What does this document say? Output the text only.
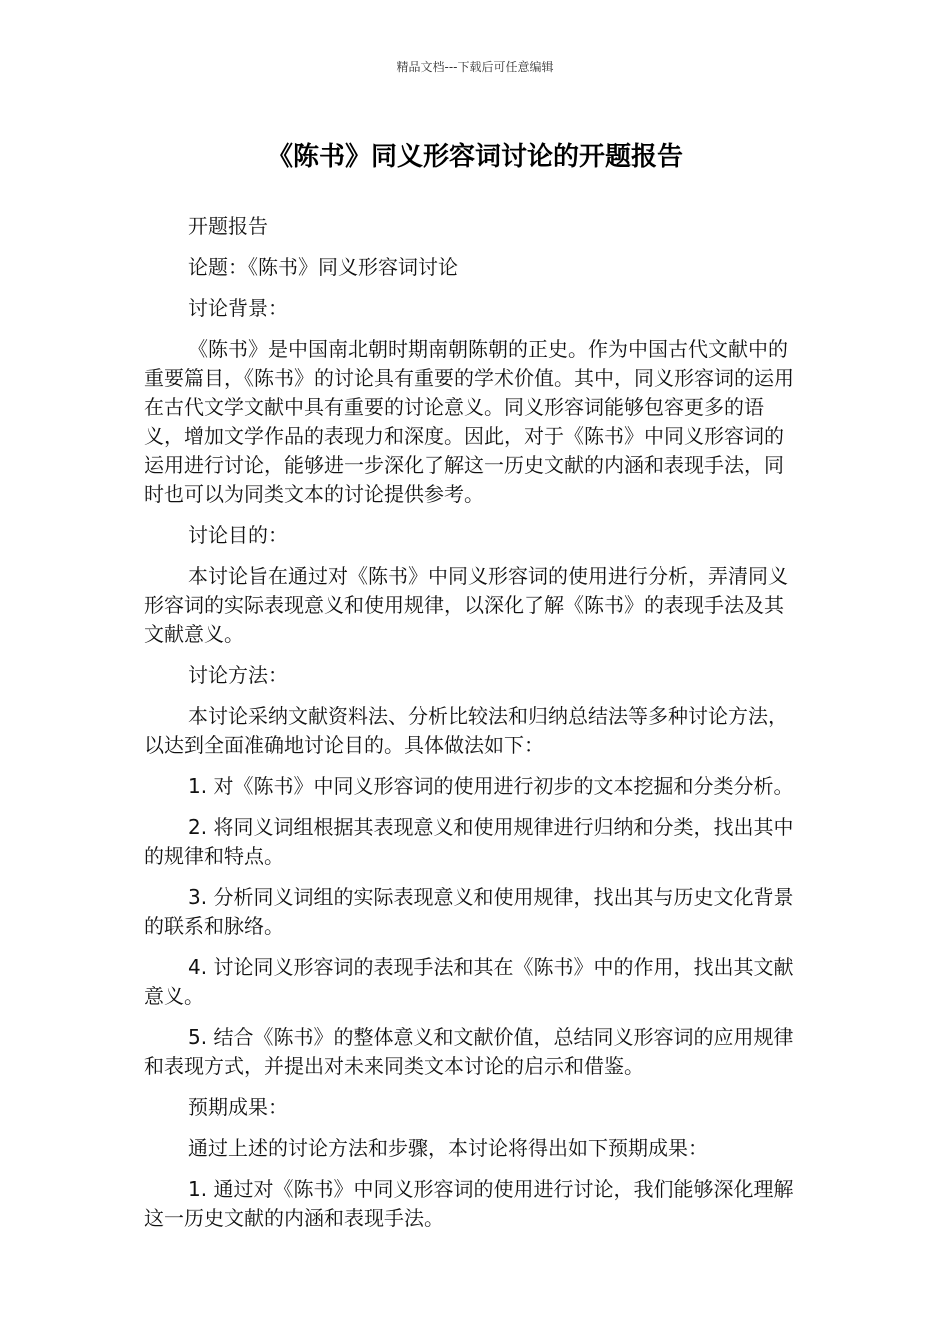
精品文档---下载后可任意编辑
《陈书》同义形容词讨论的开题报告

开题报告

论题：《陈书》同义形容词讨论

讨论背景：

《陈书》是中国南北朝时期南朝陈朝的正史。作为中国古代文献中的重要篇目，《陈书》的讨论具有重要的学术价值。其中，同义形容词的运用在古代文学文献中具有重要的讨论意义。同义形容词能够包容更多的语义，增加文学作品的表现力和深度。因此，对于《陈书》中同义形容词的运用进行讨论，能够进一步深化了解这一历史文献的内涵和表现手法，同时也可以为同类文本的讨论提供参考。

讨论目的：

本讨论旨在通过对《陈书》中同义形容词的使用进行分析，弄清同义形容词的实际表现意义和使用规律，以深化了解《陈书》的表现手法及其文献意义。

讨论方法：

本讨论采纳文献资料法、分析比较法和归纳总结法等多种讨论方法，以达到全面准确地讨论目的。具体做法如下：

1. 对《陈书》中同义形容词的使用进行初步的文本挖掘和分类分析。

2. 将同义词组根据其表现意义和使用规律进行归纳和分类，找出其中的规律和特点。

3. 分析同义词组的实际表现意义和使用规律，找出其与历史文化背景的联系和脉络。

4. 讨论同义形容词的表现手法和其在《陈书》中的作用，找出其文献意义。

5. 结合《陈书》的整体意义和文献价值，总结同义形容词的应用规律和表现方式，并提出对未来同类文本讨论的启示和借鉴。

预期成果：

通过上述的讨论方法和步骤，本讨论将得出如下预期成果：

1. 通过对《陈书》中同义形容词的使用进行讨论，我们能够深化理解这一历史文献的内涵和表现手法。
